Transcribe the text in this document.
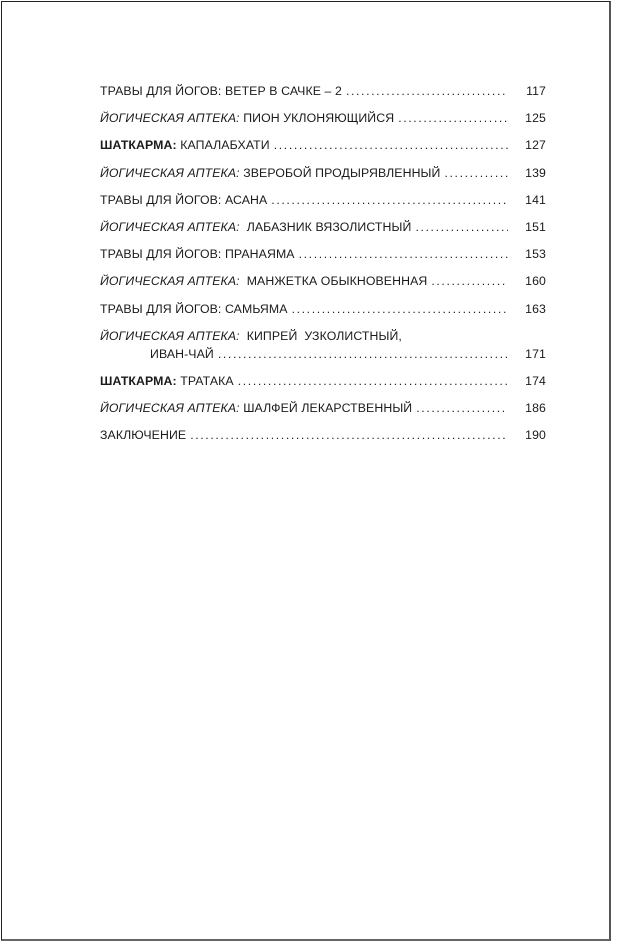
ТРАВЫ ДЛЯ ЙОГОВ: ВЕТЕР В САЧКЕ – 2 . . .	117
ЙОГИЧЕСКАЯ АПТЕКА: ПИОН УКЛОНЯЮЩИЙСЯ . . .	125
ШАТКАРМА: КАПАЛАБХАТИ . . .	127
ЙОГИЧЕСКАЯ АПТЕКА: ЗВЕРОБОЙ ПРОДЫРЯВЛЕННЫЙ . . .	139
ТРАВЫ ДЛЯ ЙОГОВ: АСАНА . . .	141
ЙОГИЧЕСКАЯ АПТЕКА: ЛАБАЗНИК ВЯЗОЛИСТНЫЙ . . .	151
ТРАВЫ ДЛЯ ЙОГОВ: ПРАНАЯМА . . .	153
ЙОГИЧЕСКАЯ АПТЕКА: МАНЖЕТКА ОБЫКНОВЕННАЯ . . .	160
ТРАВЫ ДЛЯ ЙОГОВ: САМЬЯМА . . .	163
ЙОГИЧЕСКАЯ АПТЕКА:  КИПРЕЙ  УЗКОЛИСТНЫЙ,
ИВАН-ЧАЙ . . .	171
ШАТКАРМА: ТРАТАКА . . .	174
ЙОГИЧЕСКАЯ АПТЕКА: ШАЛФЕЙ ЛЕКАРСТВЕННЫЙ . . .	186
ЗАКЛЮЧЕНИЕ . . .	190
